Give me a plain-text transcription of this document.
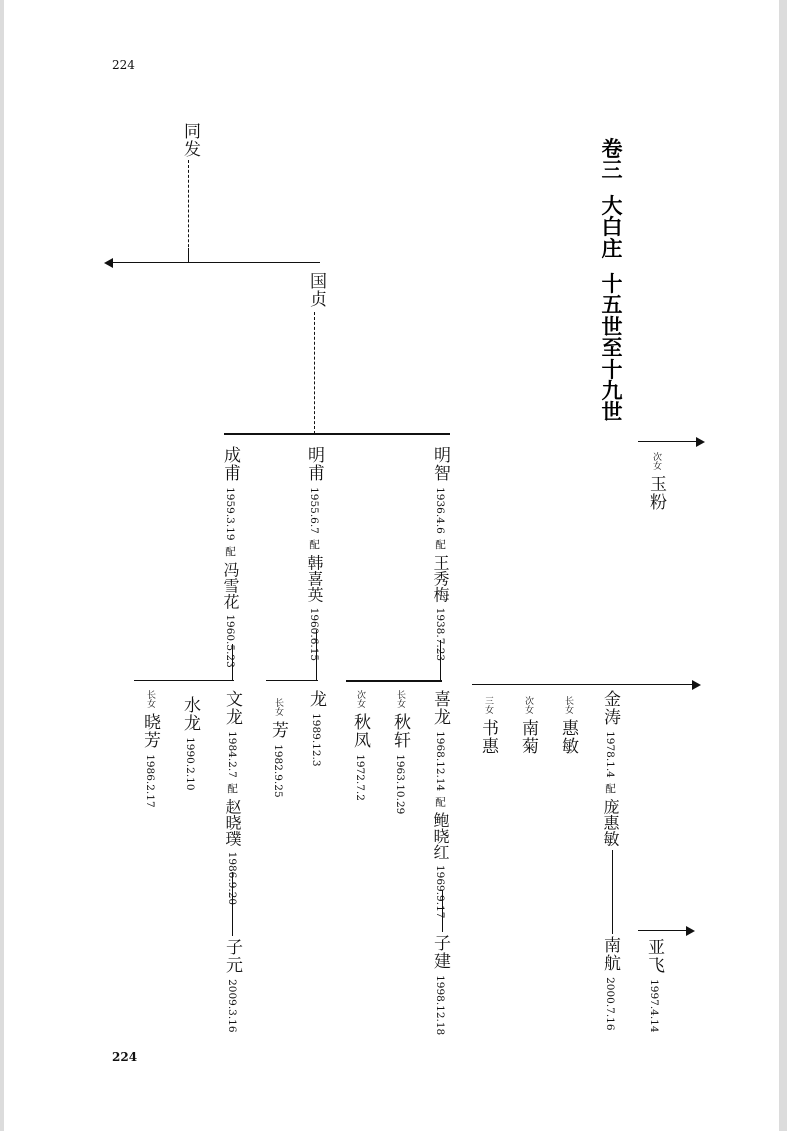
224
224
卷三
大白庄
十五世至十九世
同发
国贞
成甫 1959.3.19 配 冯雪花 1960.5.23
明甫 1955.6.7 配 韩喜英 1960.6.15
明智 1936.4.6 配 王秀梅 1938.7.23
次女 玉粉
文龙 1984.2.7 配 赵晓璞 1986.9.20
子元 2009.3.16
水龙 1990.2.10
长女 晓芳 1986.2.17
龙 1989.12.3
长女 芳 1982.9.25
喜龙 1968.12.14 配 鲍晓红 1969.9.17
子建 1998.12.18
长女 秋轩 1963.10.29
次女 秋凤 1972.7.2
三女 书惠
次女 南菊
长女 惠敏
金涛 1978.1.4 配 庞惠敏
南航 2000.7.16
亚飞 1997.4.14
